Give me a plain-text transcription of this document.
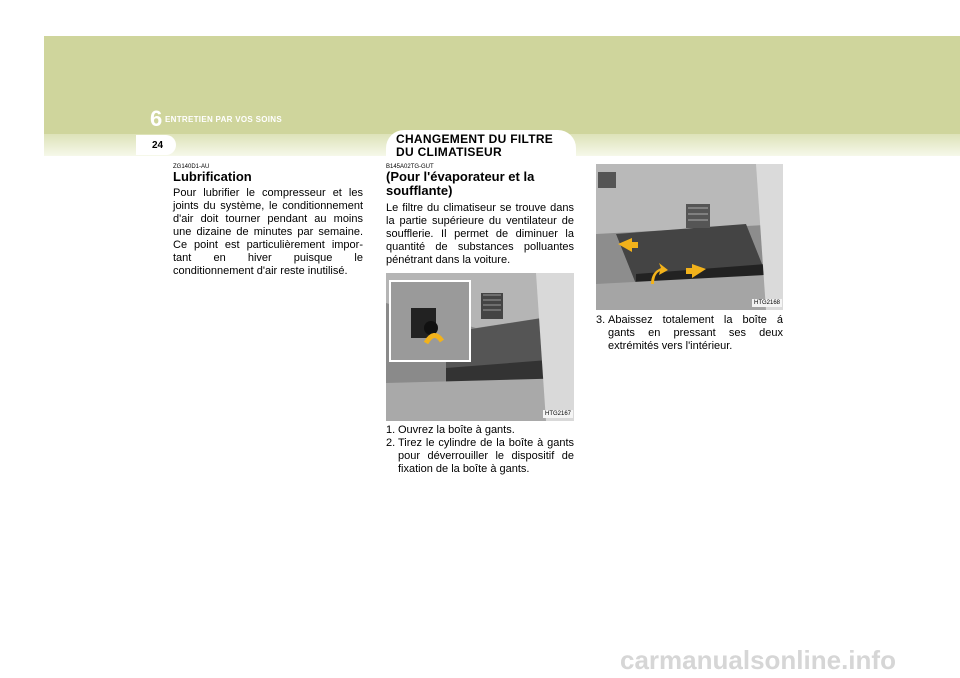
6 ENTRETIEN PAR VOS SOINS
24	CHANGEMENT DU FILTRE DU CLIMATISEUR
ZG140D1-AU
Lubrification
Pour lubrifier le compresseur et les joints du système, le conditionnement d'air doit tourner pendant au moins une dizaine de minutes par semaine. Ce point est particulièrement impor-tant en hiver puisque le conditionnement d'air reste inutilisé.
B145A02TG-GUT
(Pour l'évaporateur et la soufflante)
Le filtre du climatiseur se trouve dans la partie supérieure du ventilateur de soufflerie. Il permet de diminuer la quantité de substances polluantes pénétrant dans la voiture.
HTG2167
1. Ouvrez la boîte à gants.
2. Tirez le cylindre de la boîte à gants pour déverrouiller le dispositif de fixation de la boîte à gants.
HTG2168
3. Abaissez totalement la boîte á gants en pressant ses deux extrémités vers l'intérieur.
carmanualsonline.info
